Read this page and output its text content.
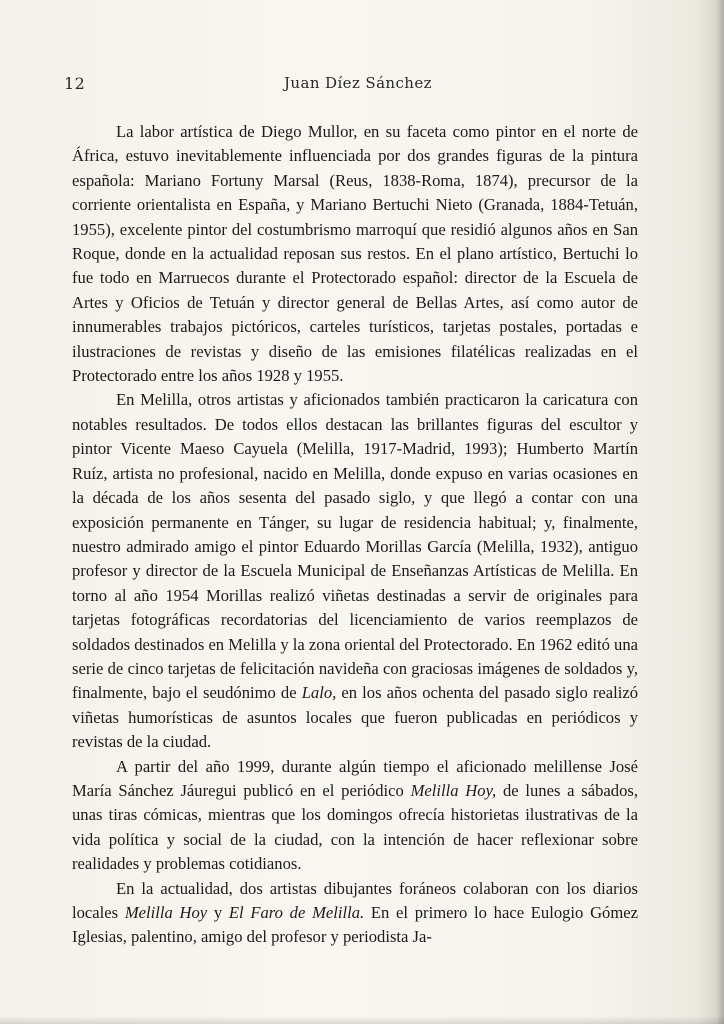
12	Juan Díez Sánchez

La labor artística de Diego Mullor, en su faceta como pintor en el norte de África, estuvo inevitablemente influenciada por dos grandes figuras de la pintura española: Mariano Fortuny Marsal (Reus, 1838-Roma, 1874), precursor de la corriente orientalista en España, y Mariano Bertuchi Nieto (Granada, 1884-Tetuán, 1955), excelente pintor del costumbrismo marroquí que residió algunos años en San Roque, donde en la actualidad reposan sus restos. En el plano artístico, Bertuchi lo fue todo en Marruecos durante el Protectorado español: director de la Escuela de Artes y Oficios de Tetuán y director general de Bellas Artes, así como autor de innumerables trabajos pictóricos, carteles turísticos, tarjetas postales, portadas e ilustraciones de revistas y diseño de las emisiones filatélicas realizadas en el Protectorado entre los años 1928 y 1955.

En Melilla, otros artistas y aficionados también practicaron la caricatura con notables resultados. De todos ellos destacan las brillantes figuras del escultor y pintor Vicente Maeso Cayuela (Melilla, 1917-Madrid, 1993); Humberto Martín Ruíz, artista no profesional, nacido en Melilla, donde expuso en varias ocasiones en la década de los años sesenta del pasado siglo, y que llegó a contar con una exposición permanente en Tánger, su lugar de residencia habitual; y, finalmente, nuestro admirado amigo el pintor Eduardo Morillas García (Melilla, 1932), antiguo profesor y director de la Escuela Municipal de Enseñanzas Artísticas de Melilla. En torno al año 1954 Morillas realizó viñetas destinadas a servir de originales para tarjetas fotográficas recordatorias del licenciamiento de varios reemplazos de soldados destinados en Melilla y la zona oriental del Protectorado. En 1962 editó una serie de cinco tarjetas de felicitación navideña con graciosas imágenes de soldados y, finalmente, bajo el seudónimo de Lalo, en los años ochenta del pasado siglo realizó viñetas humorísticas de asuntos locales que fueron publicadas en periódicos y revistas de la ciudad.

A partir del año 1999, durante algún tiempo el aficionado melillense José María Sánchez Jáuregui publicó en el periódico Melilla Hoy, de lunes a sábados, unas tiras cómicas, mientras que los domingos ofrecía historietas ilustrativas de la vida política y social de la ciudad, con la intención de hacer reflexionar sobre realidades y problemas cotidianos.

En la actualidad, dos artistas dibujantes foráneos colaboran con los diarios locales Melilla Hoy y El Faro de Melilla. En el primero lo hace Eulogio Gómez Iglesias, palentino, amigo del profesor y periodista Ja-
